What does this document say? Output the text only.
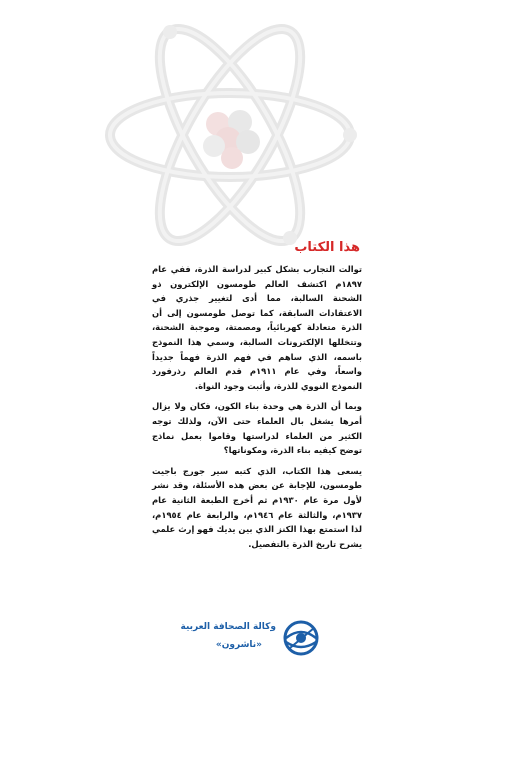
هذا الكتاب

توالت التجارب بشكل كبير لدراسة الذرة، ففي عام ١٨٩٧م اكتشف العالم طومسون الإلكترون ذو الشحنة السالبة، مما أدى لتغيير جذري في الاعتقادات السابقة، كما توصل طومسون إلى أن الذرة متعادلة كهربائياً، ومصمتة، وموجبة الشحنة، وتتخللها الإلكترونات السالبة، وسمي هذا النموذج باسمه، الذي ساهم في فهم الذرة فهماً جديداً واسعاً، وفي عام ١٩١١م قدم العالم رذرفورد النموذج النووي للذرة، وأثبت وجود النواة.

وبما أن الذرة هي وحدة بناء الكون، فكان ولا يزال أمرها يشغل بال العلماء حتى الآن، ولذلك توجه الكثير من العلماء لدراستها وقاموا بعمل نماذج توضح كيفيه بناء الذرة، ومكوناتها؟

يسعى هذا الكتاب، الذي كتبه سير جورج باجيت طومسون، للإجابة عن بعض هذه الأسئلة، وقد نشر لأول مرة عام ١٩٣٠م ثم أخرج الطبعة الثانية عام ١٩٣٧م، والثالثة عام ١٩٤٦م، والرابعة عام ١٩٥٤م، لذا استمتع بهذا الكنز الذي بين يديك فهو إرث علمي يشرح تاريخ الذرة بالتفصيل.

وكالة الصحافة العربية
«ناشرون»
